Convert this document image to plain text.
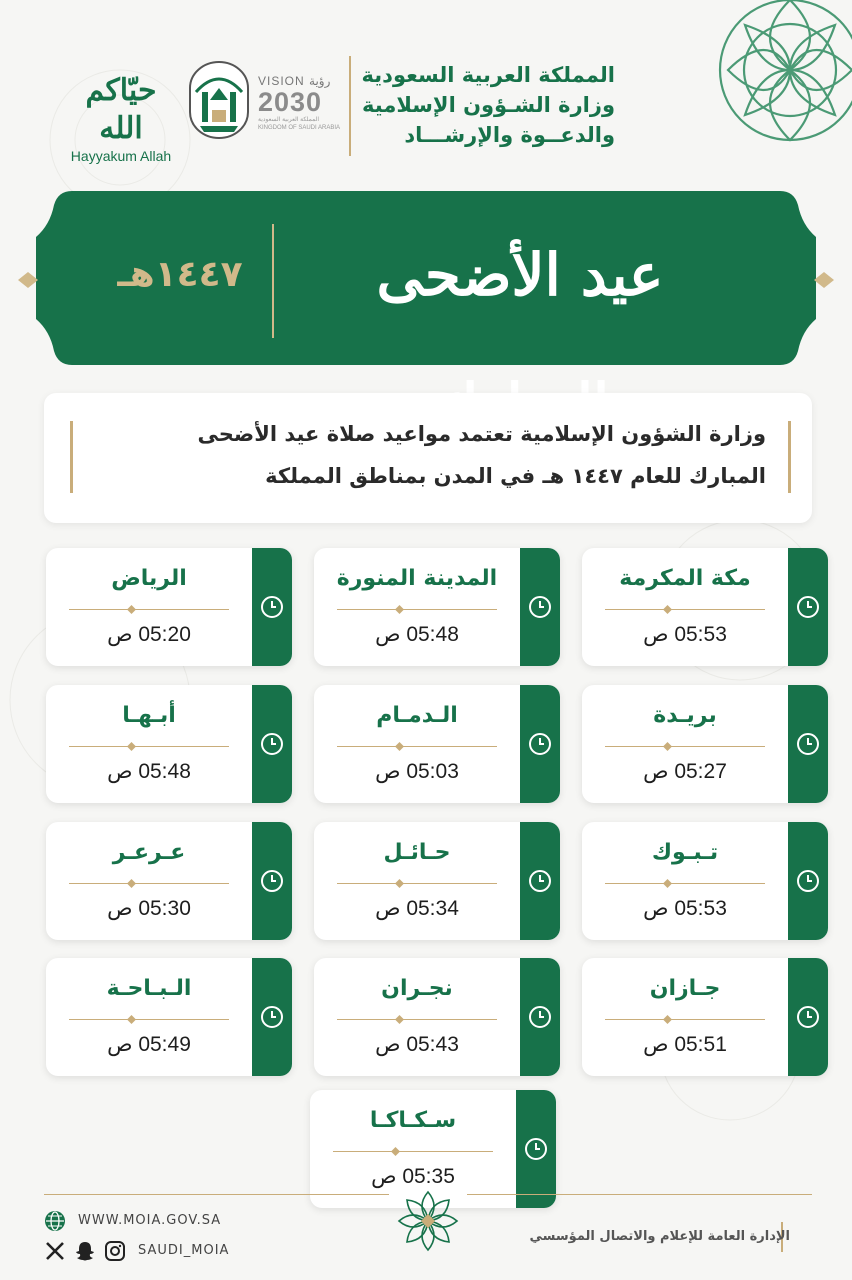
حيّاكم الله
Hayyakum Allah
VISION رؤية
2030
المملكة العربية السعودية KINGDOM OF SAUDI ARABIA
المملكة العربية السعودية
وزارة الشـؤون الإسلامية
والدعــوة والإرشـــاد
عيد الأضحى
١٤٤٧هـ
وزارة الشؤون الإسلامية تعتمد مواعيد صلاة عيد الأضحى
المبارك للعام ١٤٤٧ هـ في المدن بمناطق المملكة
مكة المكرمة
05:53 ص
المدينة المنورة
05:48 ص
الرياض
05:20 ص
بريـدة
05:27 ص
الـدمـام
05:03 ص
أبـهـا
05:48 ص
تـبـوك
05:53 ص
حـائـل
05:34 ص
عـرعـر
05:30 ص
جـازان
05:51 ص
نجـران
05:43 ص
الـبـاحـة
05:49 ص
سـكـاكـا
05:35 ص
WWW.MOIA.GOV.SA
SAUDI_MOIA
الإدارة العامة للإعلام والاتصال المؤسسي
